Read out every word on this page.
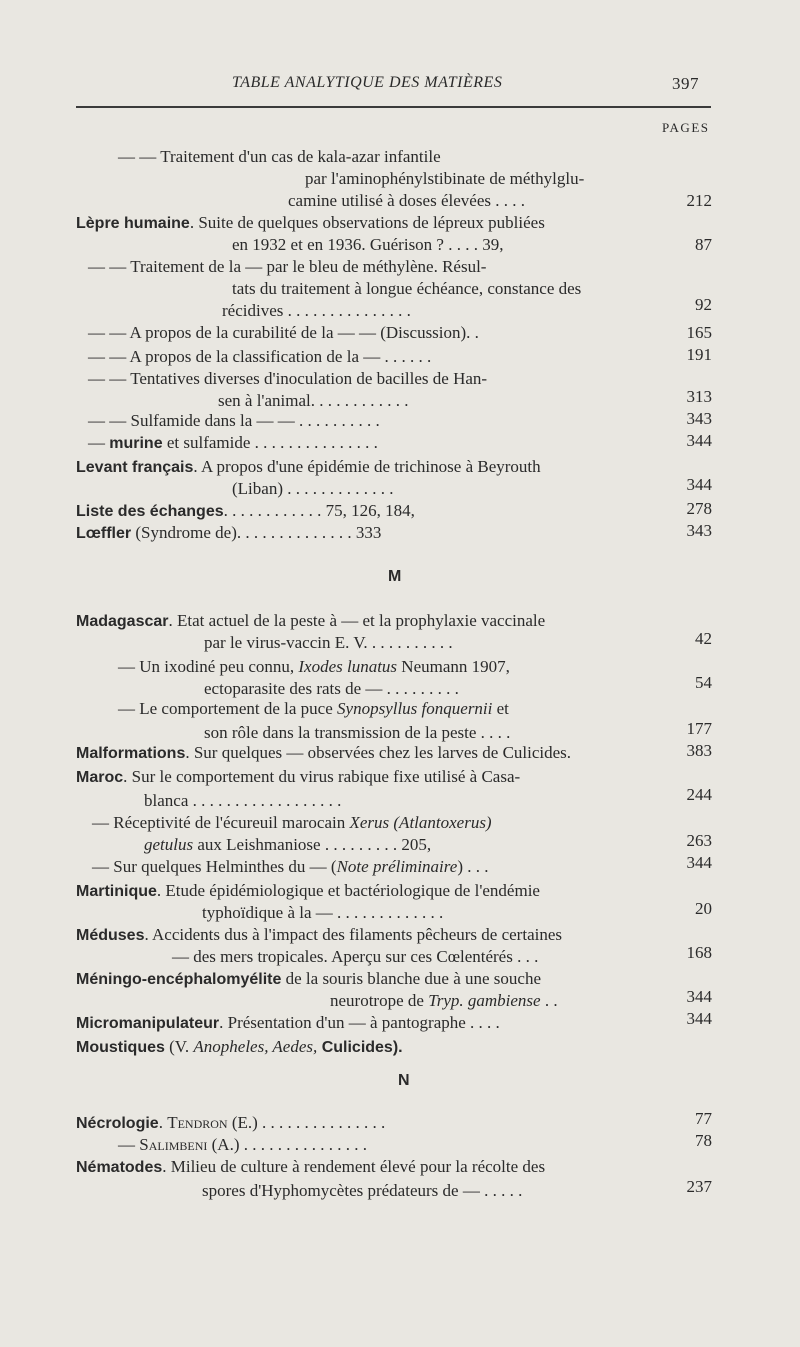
TABLE ANALYTIQUE DES MATIÈRES	397
PAGES
— — Traitement d'un cas de kala-azar infantile
par l'aminophénylstibinate de méthylglu-
camine utilisé à doses élevées . . . .	212
Lèpre humaine. Suite de quelques observations de lépreux publiées
en 1932 et en 1936. Guérison ? . . . . 39,	87
— — Traitement de la — par le bleu de méthylène. Résul-
tats du traitement à longue échéance, constance des
récidives . . . . . . . . . . . . . . .	92
— — A propos de la curabilité de la — — (Discussion). .	165
— — A propos de la classification de la — . . . . . .	191
— — Tentatives diverses d'inoculation de bacilles de Han-
sen à l'animal. . . . . . . . . . . .	313
— — Sulfamide dans la — — . . . . . . . . . .	343
— murine et sulfamide . . . . . . . . . . . . . . .	344
Levant français. A propos d'une épidémie de trichinose à Beyrouth
(Liban) . . . . . . . . . . . . .	344
Liste des échanges. . . . . . . . . . . . 75, 126, 184,	278
Lœffler (Syndrome de). . . . . . . . . . . . . . 333	343
M
Madagascar. Etat actuel de la peste à — et la prophylaxie vaccinale
par le virus-vaccin E. V. . . . . . . . . . .	42
— Un ixodiné peu connu, Ixodes lunatus Neumann 1907,
ectoparasite des rats de — . . . . . . . . .	54
— Le comportement de la puce Synopsyllus fonquernii et
son rôle dans la transmission de la peste . . . .	177
Malformations. Sur quelques — observées chez les larves de Culicides.	383
Maroc. Sur le comportement du virus rabique fixe utilisé à Casa-
blanca . . . . . . . . . . . . . . . . . .	244
— Réceptivité de l'écureuil marocain Xerus (Atlantoxerus)
getulus aux Leishmaniose . . . . . . . . . 205,	263
— Sur quelques Helminthes du — (Note préliminaire) . . .	344
Martinique. Etude épidémiologique et bactériologique de l'endémie
typhoïdique à la — . . . . . . . . . . . . .	20
Méduses. Accidents dus à l'impact des filaments pêcheurs de certaines
— des mers tropicales. Aperçu sur ces Cœlentérés . . .	168
Méningo-encéphalomyélite de la souris blanche due à une souche
neurotrope de Tryp. gambiense . .	344
Micromanipulateur. Présentation d'un — à pantographe . . . .	344
Moustiques (V. Anopheles, Aedes, Culicides).
N
Nécrologie. Tendron (E.) . . . . . . . . . . . . . . .	77
— Salimbeni (A.) . . . . . . . . . . . . . . .	78
Nématodes. Milieu de culture à rendement élevé pour la récolte des
spores d'Hyphomycètes prédateurs de — . . . . .	237
